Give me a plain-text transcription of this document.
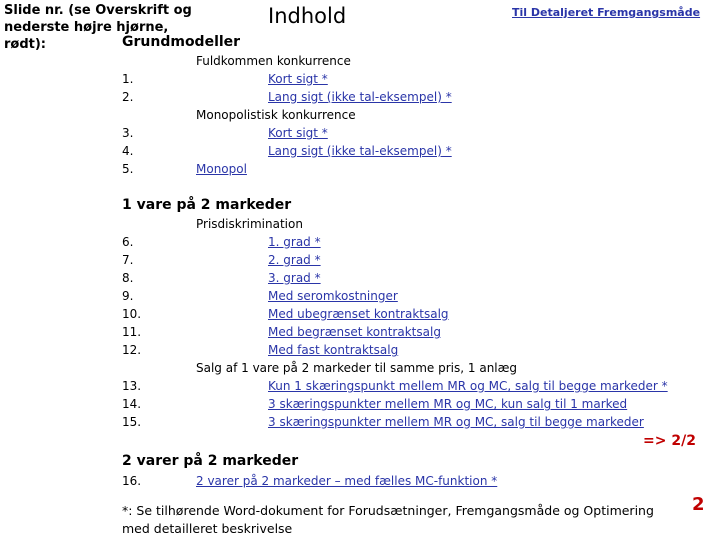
Slide nr. (se Overskrift og
nederste højre hjørne,
rødt):
Indhold	Til Detaljeret Fremgangsmåde
Grundmodeller
Fuldkommen konkurrence
1.	Kort sigt *
2.	Lang sigt (ikke tal-eksempel) *
Monopolistisk konkurrence
3.	Kort sigt *
4.	Lang sigt (ikke tal-eksempel) *
5.	Monopol
1 vare på 2 markeder
Prisdiskrimination
6.	1. grad *
7.	2. grad *
8.	3. grad *
9.	Med seromkostninger
10.	Med ubegrænset kontraktsalg
11.	Med begrænset kontraktsalg
12.	Med fast kontraktsalg
Salg af 1 vare på 2 markeder til samme pris, 1 anlæg
13.	Kun 1 skæringspunkt mellem MR og MC, salg til begge markeder *
14.	3 skæringspunkter mellem MR og MC, kun salg til 1 marked
15.	3 skæringspunkter mellem MR og MC, salg til begge markeder
=> 2/2
2 varer på 2 markeder
16.	2 varer på 2 markeder – med fælles MC-funktion *
*: Se tilhørende Word-dokument for Forudsætninger, Fremgangsmåde og Optimering med detailleret beskrivelse
2
